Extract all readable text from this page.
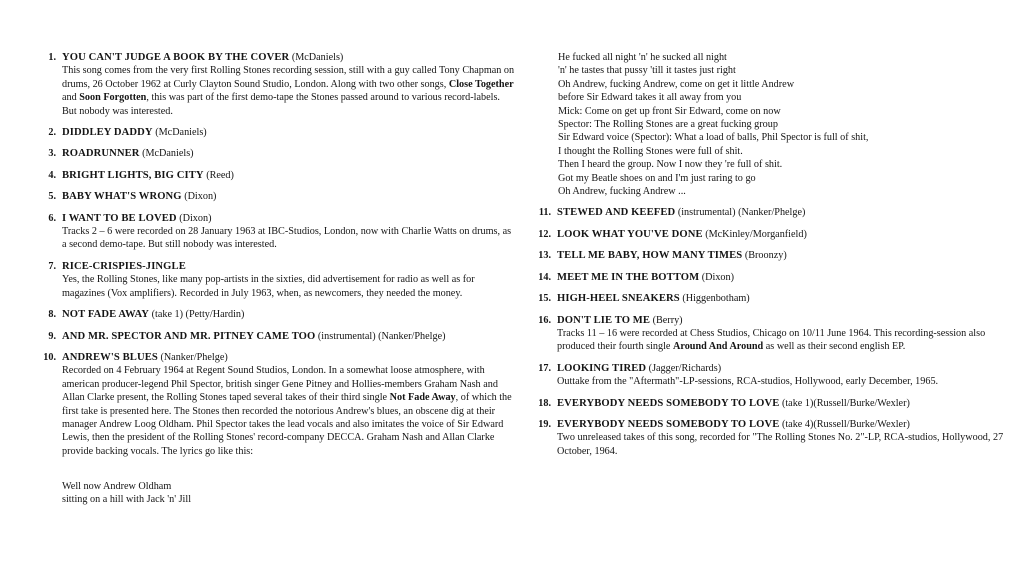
1. YOU CAN'T JUDGE A BOOK BY THE COVER (McDaniels)
This song comes from the very first Rolling Stones recording session, still with a guy called Tony Chapman on drums, 26 October 1962 at Curly Clayton Sound Studio, London. Along with two other songs, Close Together and Soon Forgotten, this was part of the first demo-tape the Stones passed around to various record-labels. But nobody was interested.
2. DIDDLEY DADDY (McDaniels)
3. ROADRUNNER (McDaniels)
4. BRIGHT LIGHTS, BIG CITY (Reed)
5. BABY WHAT'S WRONG (Dixon)
6. I WANT TO BE LOVED (Dixon)
Tracks 2 – 6 were recorded on 28 January 1963 at IBC-Studios, London, now with Charlie Watts on drums, as a second demo-tape. But still nobody was interested.
7. RICE-CRISPIES-JINGLE
Yes, the Rolling Stones, like many pop-artists in the sixties, did advertisement for radio as well as for magazines (Vox amplifiers). Recorded in July 1963, when, as newcomers, they needed the money.
8. NOT FADE AWAY (take 1) (Petty/Hardin)
9. AND MR. SPECTOR AND MR. PITNEY CAME TOO (instrumental) (Nanker/Phelge)
10. ANDREW'S BLUES (Nanker/Phelge)
Recorded on 4 February 1964 at Regent Sound Studios, London. In a somewhat loose atmosphere, with american producer-legend Phil Spector, british singer Gene Pitney and Hollies-members Graham Nash and Allan Clarke present, the Rolling Stones taped several takes of their third single Not Fade Away, of which the first take is presented here. The Stones then recorded the notorious Andrew's blues, an obscene dig at their manager Andrew Loog Oldham. Phil Spector takes the lead vocals and also imitates the voice of Sir Edward Lewis, then the president of the Rolling Stones' record-company DECCA. Graham Nash and Allan Clarke provide backing vocals. The lyrics go like this:
Well now Andrew Oldham
sitting on a hill with Jack 'n' Jill
He fucked all night 'n' he sucked all night
'n' he tastes that pussy 'till it tastes just right
Oh Andrew, fucking Andrew, come on get it little Andrew
before Sir Edward takes it all away from you
Mick: Come on get up front Sir Edward, come on now
Spector: The Rolling Stones are a great fucking group
Sir Edward voice (Spector): What a load of balls, Phil Spector is full of shit,
I thought the Rolling Stones were full of shit.
Then I heard the group. Now I now they 're full of shit.
Got my Beatle shoes on and I'm just raring to go
Oh Andrew, fucking Andrew ...
11. STEWED AND KEEFED (instrumental) (Nanker/Phelge)
12. LOOK WHAT YOU'VE DONE (McKinley/Morganfield)
13. TELL ME BABY, HOW MANY TIMES (Broonzy)
14. MEET ME IN THE BOTTOM (Dixon)
15. HIGH-HEEL SNEAKERS (Higgenbotham)
16. DON'T LIE TO ME (Berry)
Tracks 11 – 16 were recorded at Chess Studios, Chicago on 10/11 June 1964. This recording-session also produced their fourth single Around And Around as well as their second english EP.
17. LOOKING TIRED (Jagger/Richards)
Outtake from the "Aftermath"-LP-sessions, RCA-studios, Hollywood, early December, 1965.
18. EVERYBODY NEEDS SOMEBODY TO LOVE (take 1)(Russell/Burke/Wexler)
19. EVERYBODY NEEDS SOMEBODY TO LOVE (take 4)(Russell/Burke/Wexler)
Two unreleased takes of this song, recorded for "The Rolling Stones No. 2"-LP, RCA-studios, Hollywood, 27 October, 1964.
